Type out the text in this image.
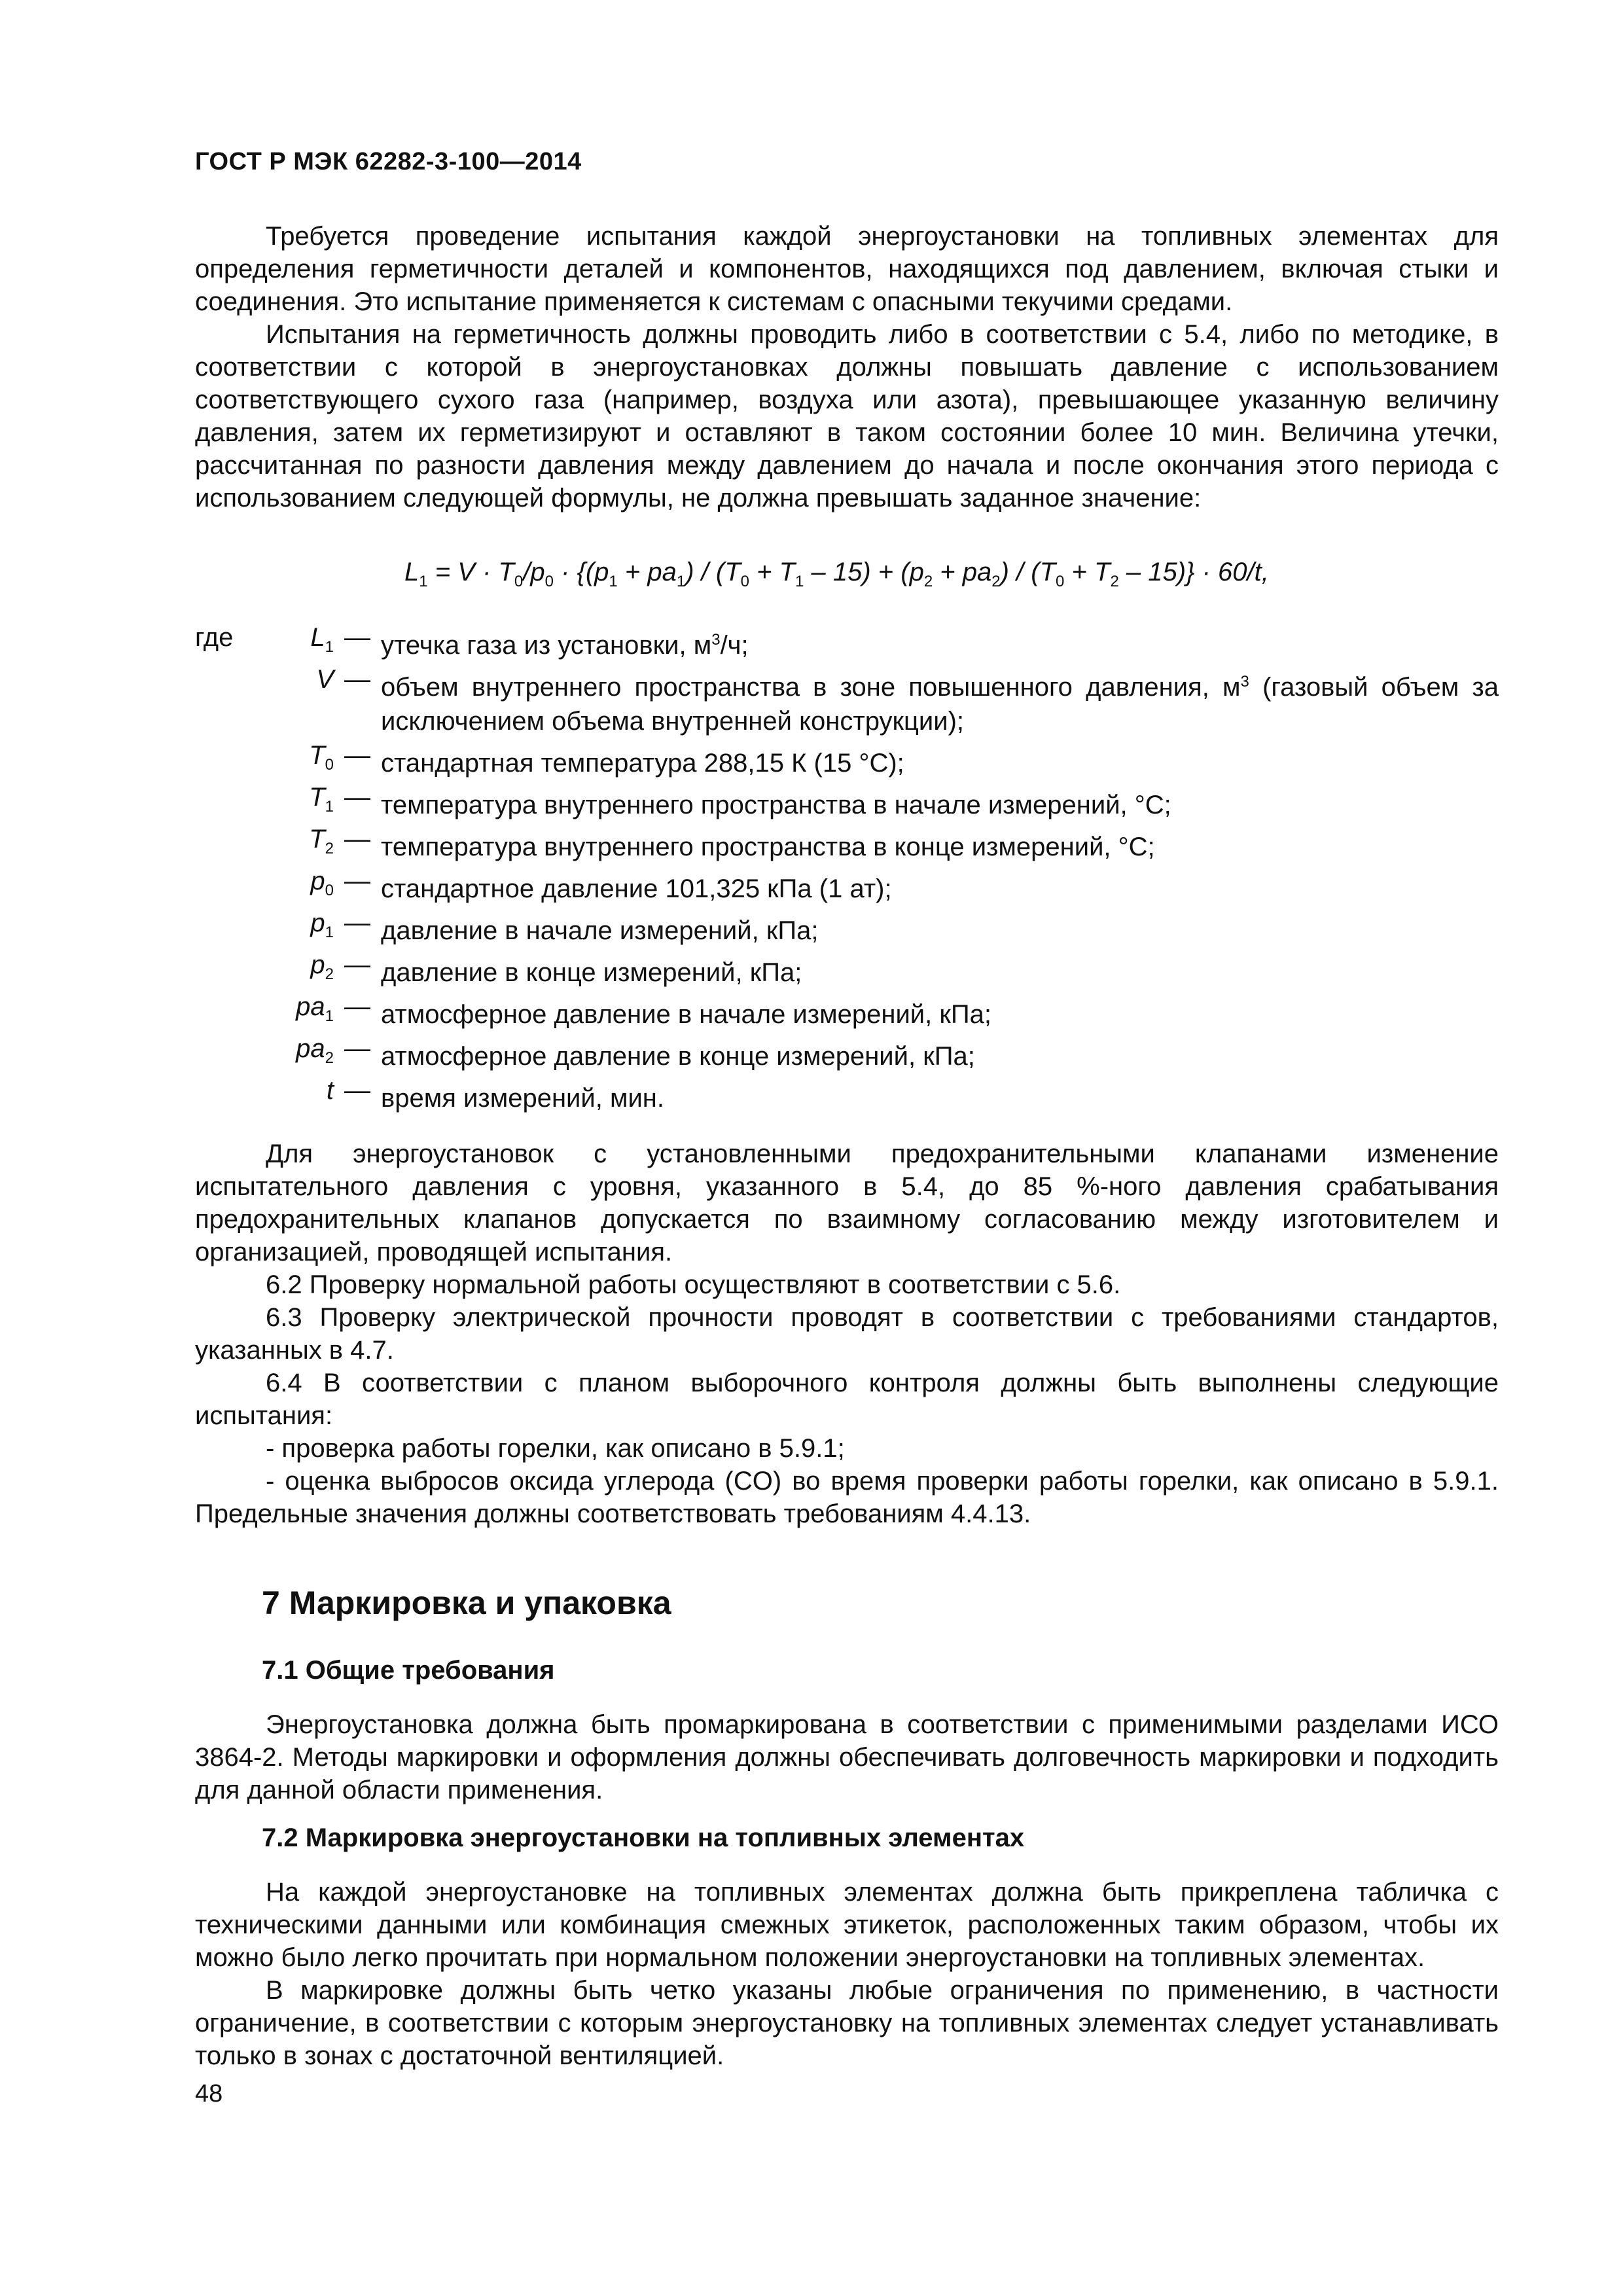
ГОСТ Р МЭК 62282-3-100—2014

Требуется проведение испытания каждой энергоустановки на топливных элементах для определения герметичности деталей и компонентов, находящихся под давлением, включая стыки и соединения. Это испытание применяется к системам с опасными текучими средами.

Испытания на герметичность должны проводить либо в соответствии с 5.4, либо по методике, в соответствии с которой в энергоустановках должны повышать давление с использованием соответствующего сухого газа (например, воздуха или азота), превышающее указанную величину давления, затем их герметизируют и оставляют в таком состоянии более 10 мин. Величина утечки, рассчитанная по разности давления между давлением до начала и после окончания этого периода с использованием следующей формулы, не должна превышать заданное значение:

$L_1 = V \cdot T_0/p_0 \cdot \{(p_1 + pa_1) / (T_0 + T_1 - 15) + (p_2 + pa_2) / (T_0 + T_2 - 15)\} \cdot 60/t$,
где	$L_1$ — утечка газа из установки, $м^3/ч$;
V — объем внутреннего пространства в зоне повышенного давления, $м^3$ (газовый объем за исключением объема внутренней конструкции);
$T_0$ — стандартная температура 288,15 К (15 °С);
$T_1$ — температура внутреннего пространства в начале измерений, °С;
$T_2$ — температура внутреннего пространства в конце измерений, °С;
$p_0$ — стандартное давление 101,325 кПа (1 ат);
$p_1$ — давление в начале измерений, кПа;
$p_2$ — давление в конце измерений, кПа;
$pa_1$ — атмосферное давление в начале измерений, кПа;
$pa_2$ — атмосферное давление в конце измерений, кПа;
t — время измерений, мин.

Для энергоустановок с установленными предохранительными клапанами изменение испытательного давления с уровня, указанного в 5.4, до 85 %-ного давления срабатывания предохранительных клапанов допускается по взаимному согласованию между изготовителем и организацией, проводящей испытания.

6.2 Проверку нормальной работы осуществляют в соответствии с 5.6.

6.3 Проверку электрической прочности проводят в соответствии с требованиями стандартов, указанных в 4.7.

6.4 В соответствии с планом выборочного контроля должны быть выполнены следующие испытания:

- проверка работы горелки, как описано в 5.9.1;

- оценка выбросов оксида углерода (CO) во время проверки работы горелки, как описано в 5.9.1. Предельные значения должны соответствовать требованиям 4.4.13.

7 Маркировка и упаковка
7.1 Общие требования

Энергоустановка должна быть промаркирована в соответствии с применимыми разделами ИСО 3864-2. Методы маркировки и оформления должны обеспечивать долговечность маркировки и подходить для данной области применения.

7.2 Маркировка энергоустановки на топливных элементах

На каждой энергоустановке на топливных элементах должна быть прикреплена табличка с техническими данными или комбинация смежных этикеток, расположенных таким образом, чтобы их можно было легко прочитать при нормальном положении энергоустановки на топливных элементах.

В маркировке должны быть четко указаны любые ограничения по применению, в частности ограничение, в соответствии с которым энергоустановку на топливных элементах следует устанавливать только в зонах с достаточной вентиляцией.

48
